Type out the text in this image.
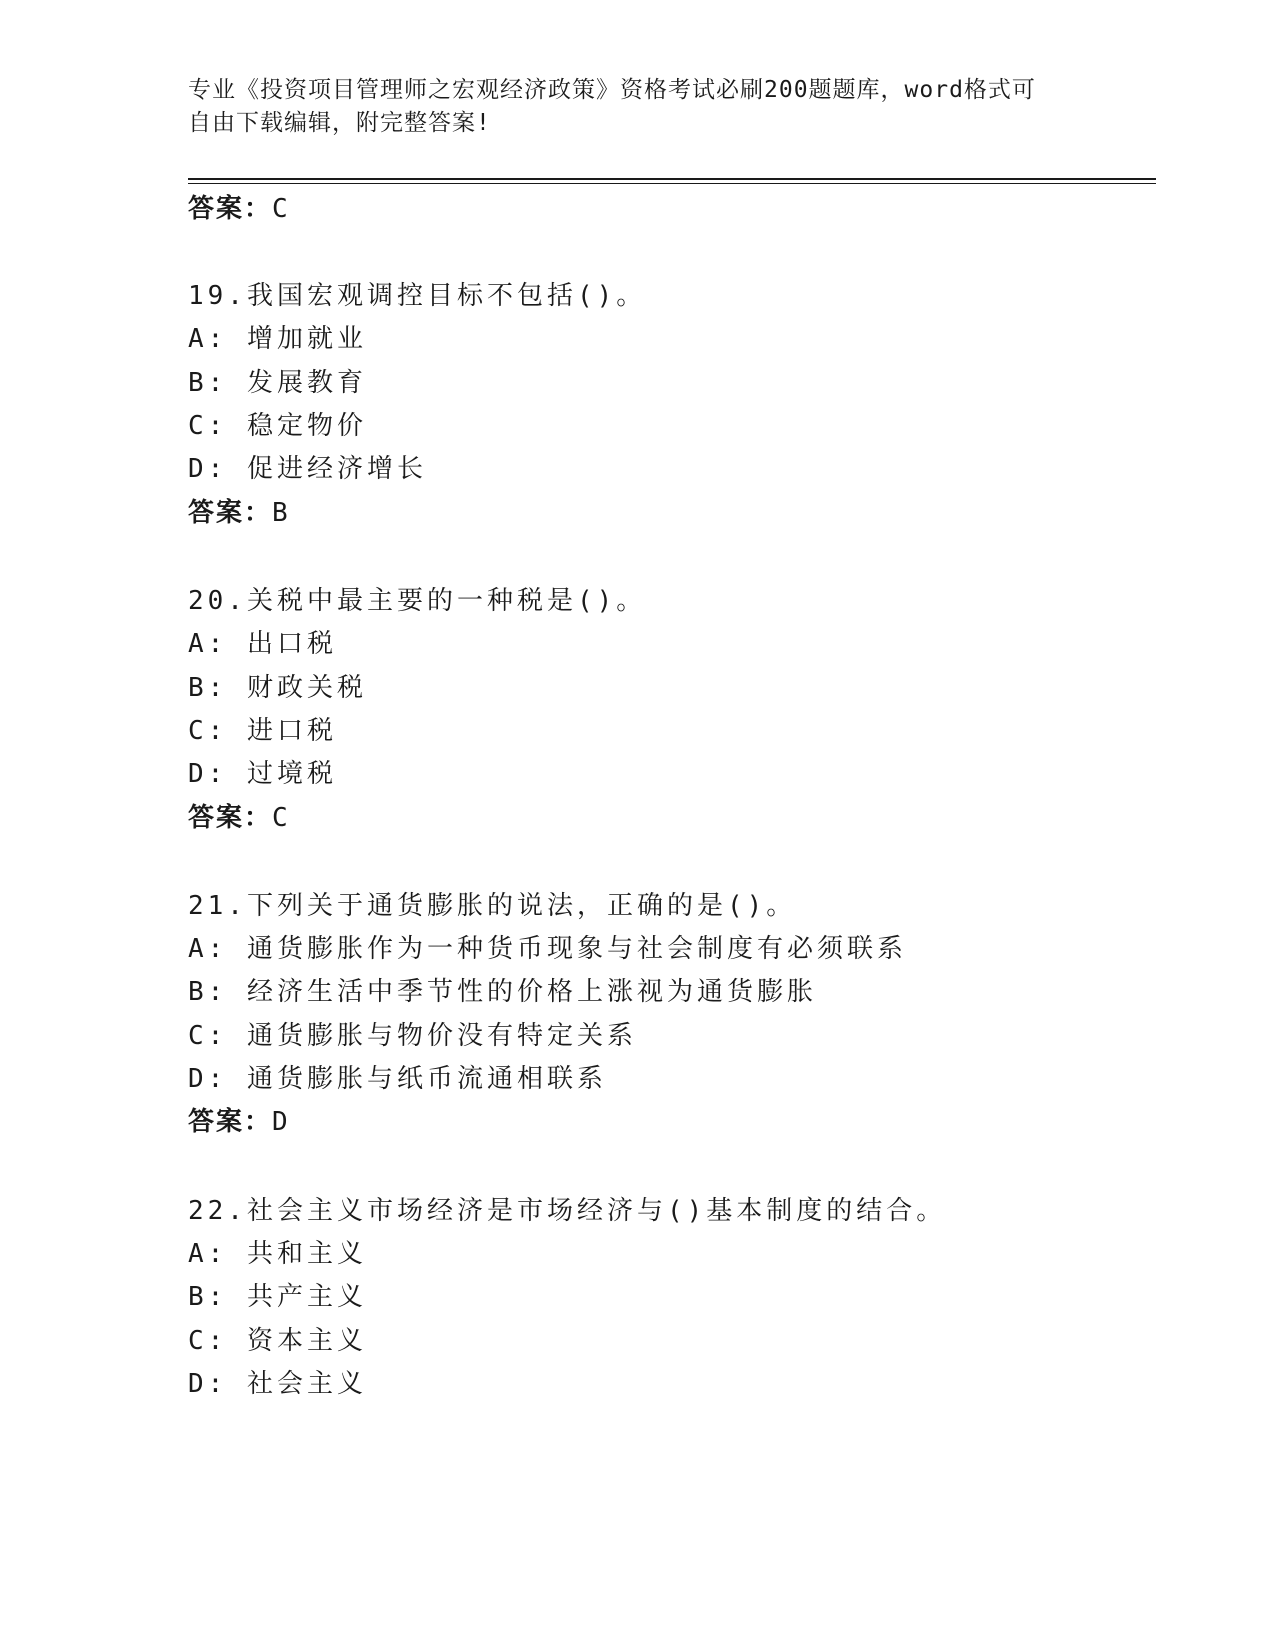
专业《投资项目管理师之宏观经济政策》资格考试必刷200题题库，word格式可
自由下载编辑，附完整答案!
答案：C
19.我国宏观调控目标不包括()。
A: 增加就业
B: 发展教育
C: 稳定物价
D: 促进经济增长
答案：B
20.关税中最主要的一种税是()。
A: 出口税
B: 财政关税
C: 进口税
D: 过境税
答案：C
21.下列关于通货膨胀的说法，正确的是()。
A: 通货膨胀作为一种货币现象与社会制度有必须联系
B: 经济生活中季节性的价格上涨视为通货膨胀
C: 通货膨胀与物价没有特定关系
D: 通货膨胀与纸币流通相联系
答案：D
22.社会主义市场经济是市场经济与()基本制度的结合。
A: 共和主义
B: 共产主义
C: 资本主义
D: 社会主义
